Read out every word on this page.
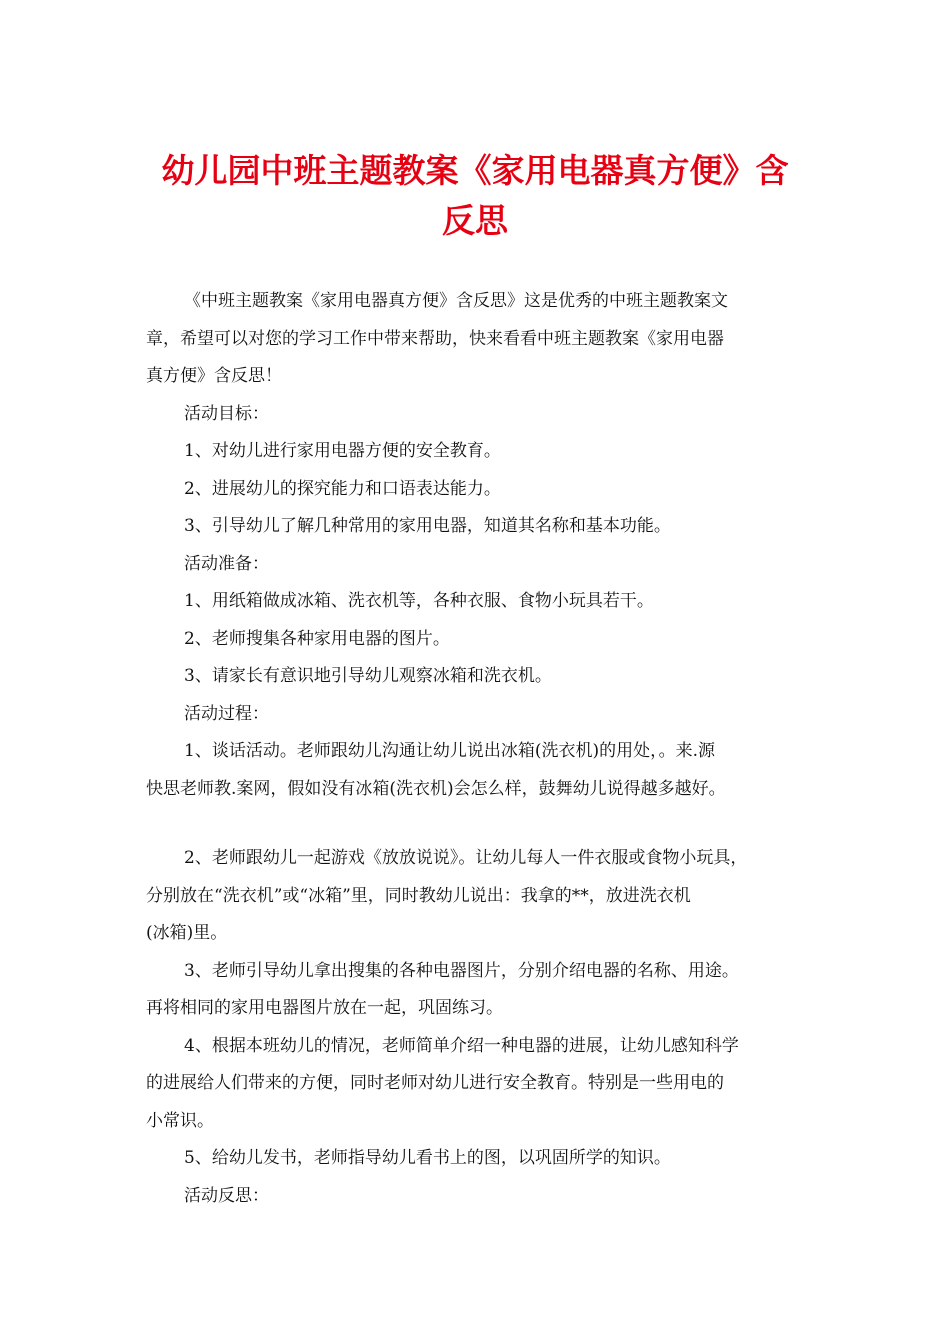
幼儿园中班主题教案《家用电器真方便》含
反思
《中班主题教案《家用电器真方便》含反思》这是优秀的中班主题教案文
章，希望可以对您的学习工作中带来帮助，快来看看中班主题教案《家用电器
真方便》含反思！
活动目标：
1、对幼儿进行家用电器方便的安全教育。
2、进展幼儿的探究能力和口语表达能力。
3、引导幼儿了解几种常用的家用电器，知道其名称和基本功能。
活动准备：
1、用纸箱做成冰箱、洗衣机等，各种衣服、食物小玩具若干。
2、老师搜集各种家用电器的图片。
3、请家长有意识地引导幼儿观察冰箱和洗衣机。
活动过程：
1、谈话活动。老师跟幼儿沟通让幼儿说出冰箱(洗衣机)的用处，。来.源
快思老师教.案网，假如没有冰箱(洗衣机)会怎么样，鼓舞幼儿说得越多越好。
2、老师跟幼儿一起游戏《放放说说》。让幼儿每人一件衣服或食物小玩具，
分别放在“洗衣机”或“冰箱”里，同时教幼儿说出：我拿的**，放进洗衣机
(冰箱)里。
3、老师引导幼儿拿出搜集的各种电器图片，分别介绍电器的名称、用途。
再将相同的家用电器图片放在一起，巩固练习。
4、根据本班幼儿的情况，老师简单介绍一种电器的进展，让幼儿感知科学
的进展给人们带来的方便，同时老师对幼儿进行安全教育。特别是一些用电的
小常识。
5、给幼儿发书，老师指导幼儿看书上的图，以巩固所学的知识。
活动反思：
